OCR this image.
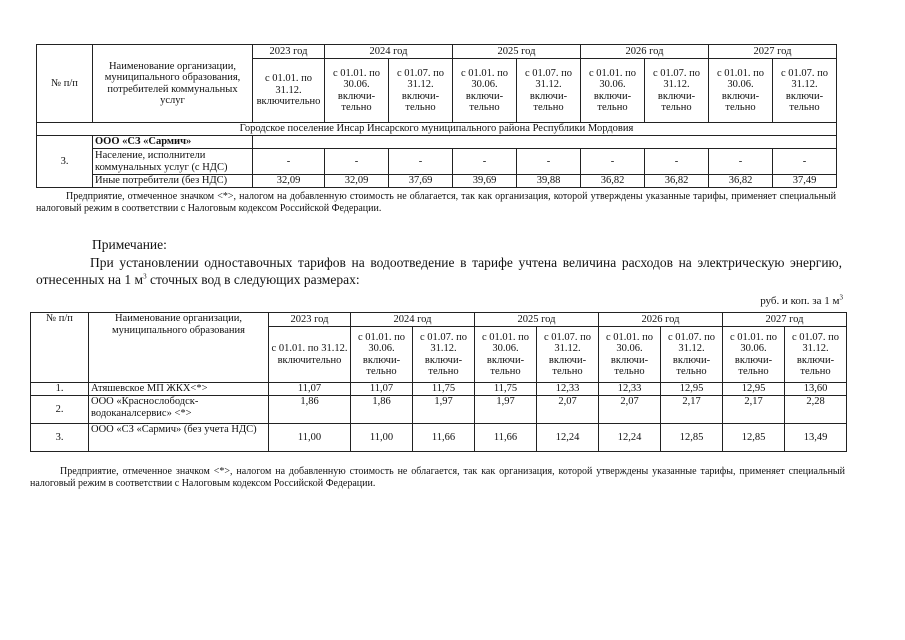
№ п/п	Наименование организации, муниципального образования, потребителей коммунальных услуг	2023 год	2024 год		2025 год		2026 год		2027 год	
		с 01.01. по 31.12. включительно	с 01.01. по 30.06. включи-тельно	с 01.07. по 31.12. включи-тельно	с 01.01. по 30.06. включи-тельно	с 01.07. по 31.12. включи-тельно	с 01.01. по 30.06. включи-тельно	с 01.07. по 31.12. включи-тельно	с 01.01. по 30.06. включи-тельно	с 01.07. по 31.12. включи-тельно
Городское поселение Инсар Инсарского муниципального района Республики Мордовия										
3.	ООО «СЗ «Сармич»									
	Население, исполнители коммунальных услуг (с НДС)	-	-	-	-	-	-	-	-	-
	Иные потребители (без НДС)	32,09	32,09	37,69	39,69	39,88	36,82	36,82	36,82	37,49
Предприятие, отмеченное значком <*>, налогом на добавленную стоимость не облагается, так как организация, которой утверждены указанные тарифы, применяет специальный налоговый режим в соответствии с Налоговым кодексом Российской Федерации.
Примечание:
При установлении одноставочных тарифов на водоотведение в тарифе учтена величина расходов на электрическую энергию, отнесенных на 1 $м^3$ сточных вод в следующих размерах:
руб. и коп. за 1 $м^3$
№ п/п	Наименование организации, муниципального образования	2023 год	2024 год		2025 год		2026 год		2027 год	
		с 01.01. по 31.12. включительно	с 01.01. по 30.06. включи-тельно	с 01.07. по 31.12. включи-тельно	с 01.01. по 30.06. включи-тельно	с 01.07. по 31.12. включи-тельно	с 01.01. по 30.06. включи-тельно	с 01.07. по 31.12. включи-тельно	с 01.01. по 30.06. включи-тельно	с 01.07. по 31.12. включи-тельно
1.	Атяшевское МП ЖКХ<*>	11,07	11,07	11,75	11,75	12,33	12,33	12,95	12,95	13,60
2.	ООО «Краснослободск-водоканалсервис» <*>	1,86	1,86	1,97	1,97	2,07	2,07	2,17	2,17	2,28
3.	ООО «СЗ «Сармич» (без учета НДС)	11,00	11,00	11,66	11,66	12,24	12,24	12,85	12,85	13,49
Предприятие, отмеченное значком <*>, налогом на добавленную стоимость не облагается, так как организация, которой утверждены указанные тарифы, применяет специальный налоговый режим в соответствии с Налоговым кодексом Российской Федерации.
